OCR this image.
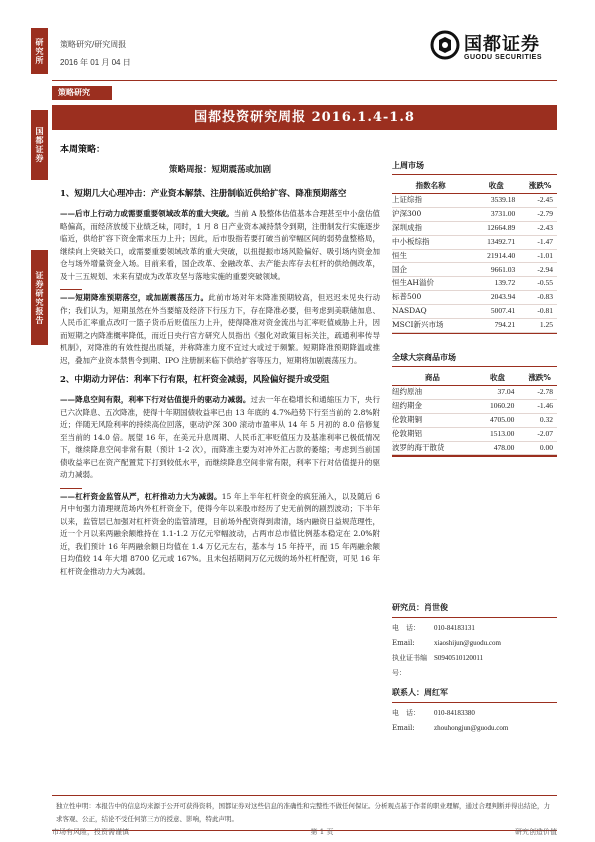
研究所
国都证券
证券研究报告
策略研究/研究周报
2016 年 01 月 04 日
国都证券
GUODU SECURITIES
策略研究
国都投资研究周报 2016.1.4-1.8
本周策略：
策略周报：短期震荡或加剧
1、短期几大心理冲击：产业资本解禁、注册制临近供给扩容、降准预期落空
——后市上行动力或需要重要领域改革的重大突破。当前 A 股整体估值基本合理甚至中小盘估值略偏高，而经济放缓下业绩乏味，同时，1 月 8 日产业资本减持禁令到期，注册制发行实施逐步临近，供给扩容下资金需求压力上升；因此，后市股指若要打破当前窄幅区间的弱势盘整格局，继续向上突破关口，或需要重要领域改革的重大突破，以扭提振市场风险偏好、吸引场内资金加仓与场外增量资金入场。目前来看，国企改革、金融改革、去产能去库存去杠杆的供给侧改革，及十三五规划、未来有望成为改革攻坚与落地实施的重要突破领域。
——短期降准预期落空，或加剧震荡压力。此前市场对年末降准预期较高，但迟迟未见央行动作；我们认为，短期虽然在外当要缩及经济下行压力下，存在降准必要，但考虑到美联储加息、人民币汇率重点改叮一篮子货币后贬值压力上升，使得降准对资金流出与汇率贬值威胁上升，因而短期之内降准概率降低，而近日央行官方研究人员指出《强化对政策目标关注，疏通利率传导机制》，对降准的有效性提出质疑，并称降准力度不宜过大或过于频繁。短期降准预期降温或推迟，叠加产业资本禁售令到期、IPO 注册制来临下供给扩容等压力，短期将加剧震荡压力。
2、中期动力评估：利率下行有限，杠杆资金减弱，风险偏好提升或受阻
——降息空间有限，利率下行对估值提升的驱动力减弱。过去一年在稳增长和通缩压力下，央行已六次降息、五次降准，使得十年期国债收益率已由 13 年底的 4.7%趋势下行至当前的 2.8%附近；伴随无风险利率的持续高位回落，驱动沪深 300 滚动市盈率从 14 年 5 月初的 8.0 倍修复至当前的 14.0 倍。展望 16 年，在美元升息周期、人民币汇率贬值压力及基准利率已极低情况下，继续降息空间非常有限（预计 1-2 次），而降准主要为对冲外汇占款的萎缩；考虑到当前国债收益率已在资产配置荒下打到较低水平，而继续降息空间非常有限，利率下行对估值提升的驱动力减弱。
——杠杆资金监管从严，杠杆推动力大为减弱。15 年上半年杠杆资金的疯狂涌入，以及随后 6 月中旬强力清理规范场内外杠杆资金下，使得今年以来股市经历了史无前例的剧烈波动；下半年以来，监管层已加强对杠杆资金的监管清理，目前场外配资得到肃清，场内融资日益规范理性，近一个月以来两融余额维持在 1.1-1.2 万亿元窄幅波动，占两市总市值比例基本稳定在 2.0%附近，我们预计 16 年两融余额日均值在 1.4 万亿元左右，基本与 15 年持平，而 15 年两融余额日均值较 14 年大增 8700 亿元或 167%。且未包括期间万亿元级的场外杠杆配资，可见 16 年杠杆资金推动力大为减弱。
上周市场
指数名称	收盘	涨跌%
上证综指	3539.18	-2.45
沪深300	3731.00	-2.79
深圳成指	12664.89	-2.43
中小板综指	13492.71	-1.47
恒生	21914.40	-1.01
国企	9661.03	-2.94
恒生AH溢价	139.72	-0.55
标普500	2043.94	-0.83
NASDAQ	5007.41	-0.81
MSCI新兴市场	794.21	1.25
全球大宗商品市场
商品	收盘	涨跌%
纽约原油	37.04	-2.78
纽约期金	1060.20	-1.46
伦敦期铜	4705.00	0.32
伦敦期铝	1513.00	-2.07
波罗的海干散货	478.00	0.00
研究员：肖世俊
电　话：	010-84183131
Email:	xiaoshijun@guodu.com
执业证书编号：
S0940510120011
联系人：周红军
电　话：	010-84183380
Email:	zhouhongjun@guodu.com
独立性申明：本报告中的信息均来源于公开可获得资料，国都证券对这些信息的准确性和完整性不做任何保证。分析观点基于作者的职业理解，通过合理判断并得出结论，力求客观、公正，结论不受任何第三方的授意、影响，特此声明。
市场有风险，投资需谨慎	第 1 页	研究创造价值
